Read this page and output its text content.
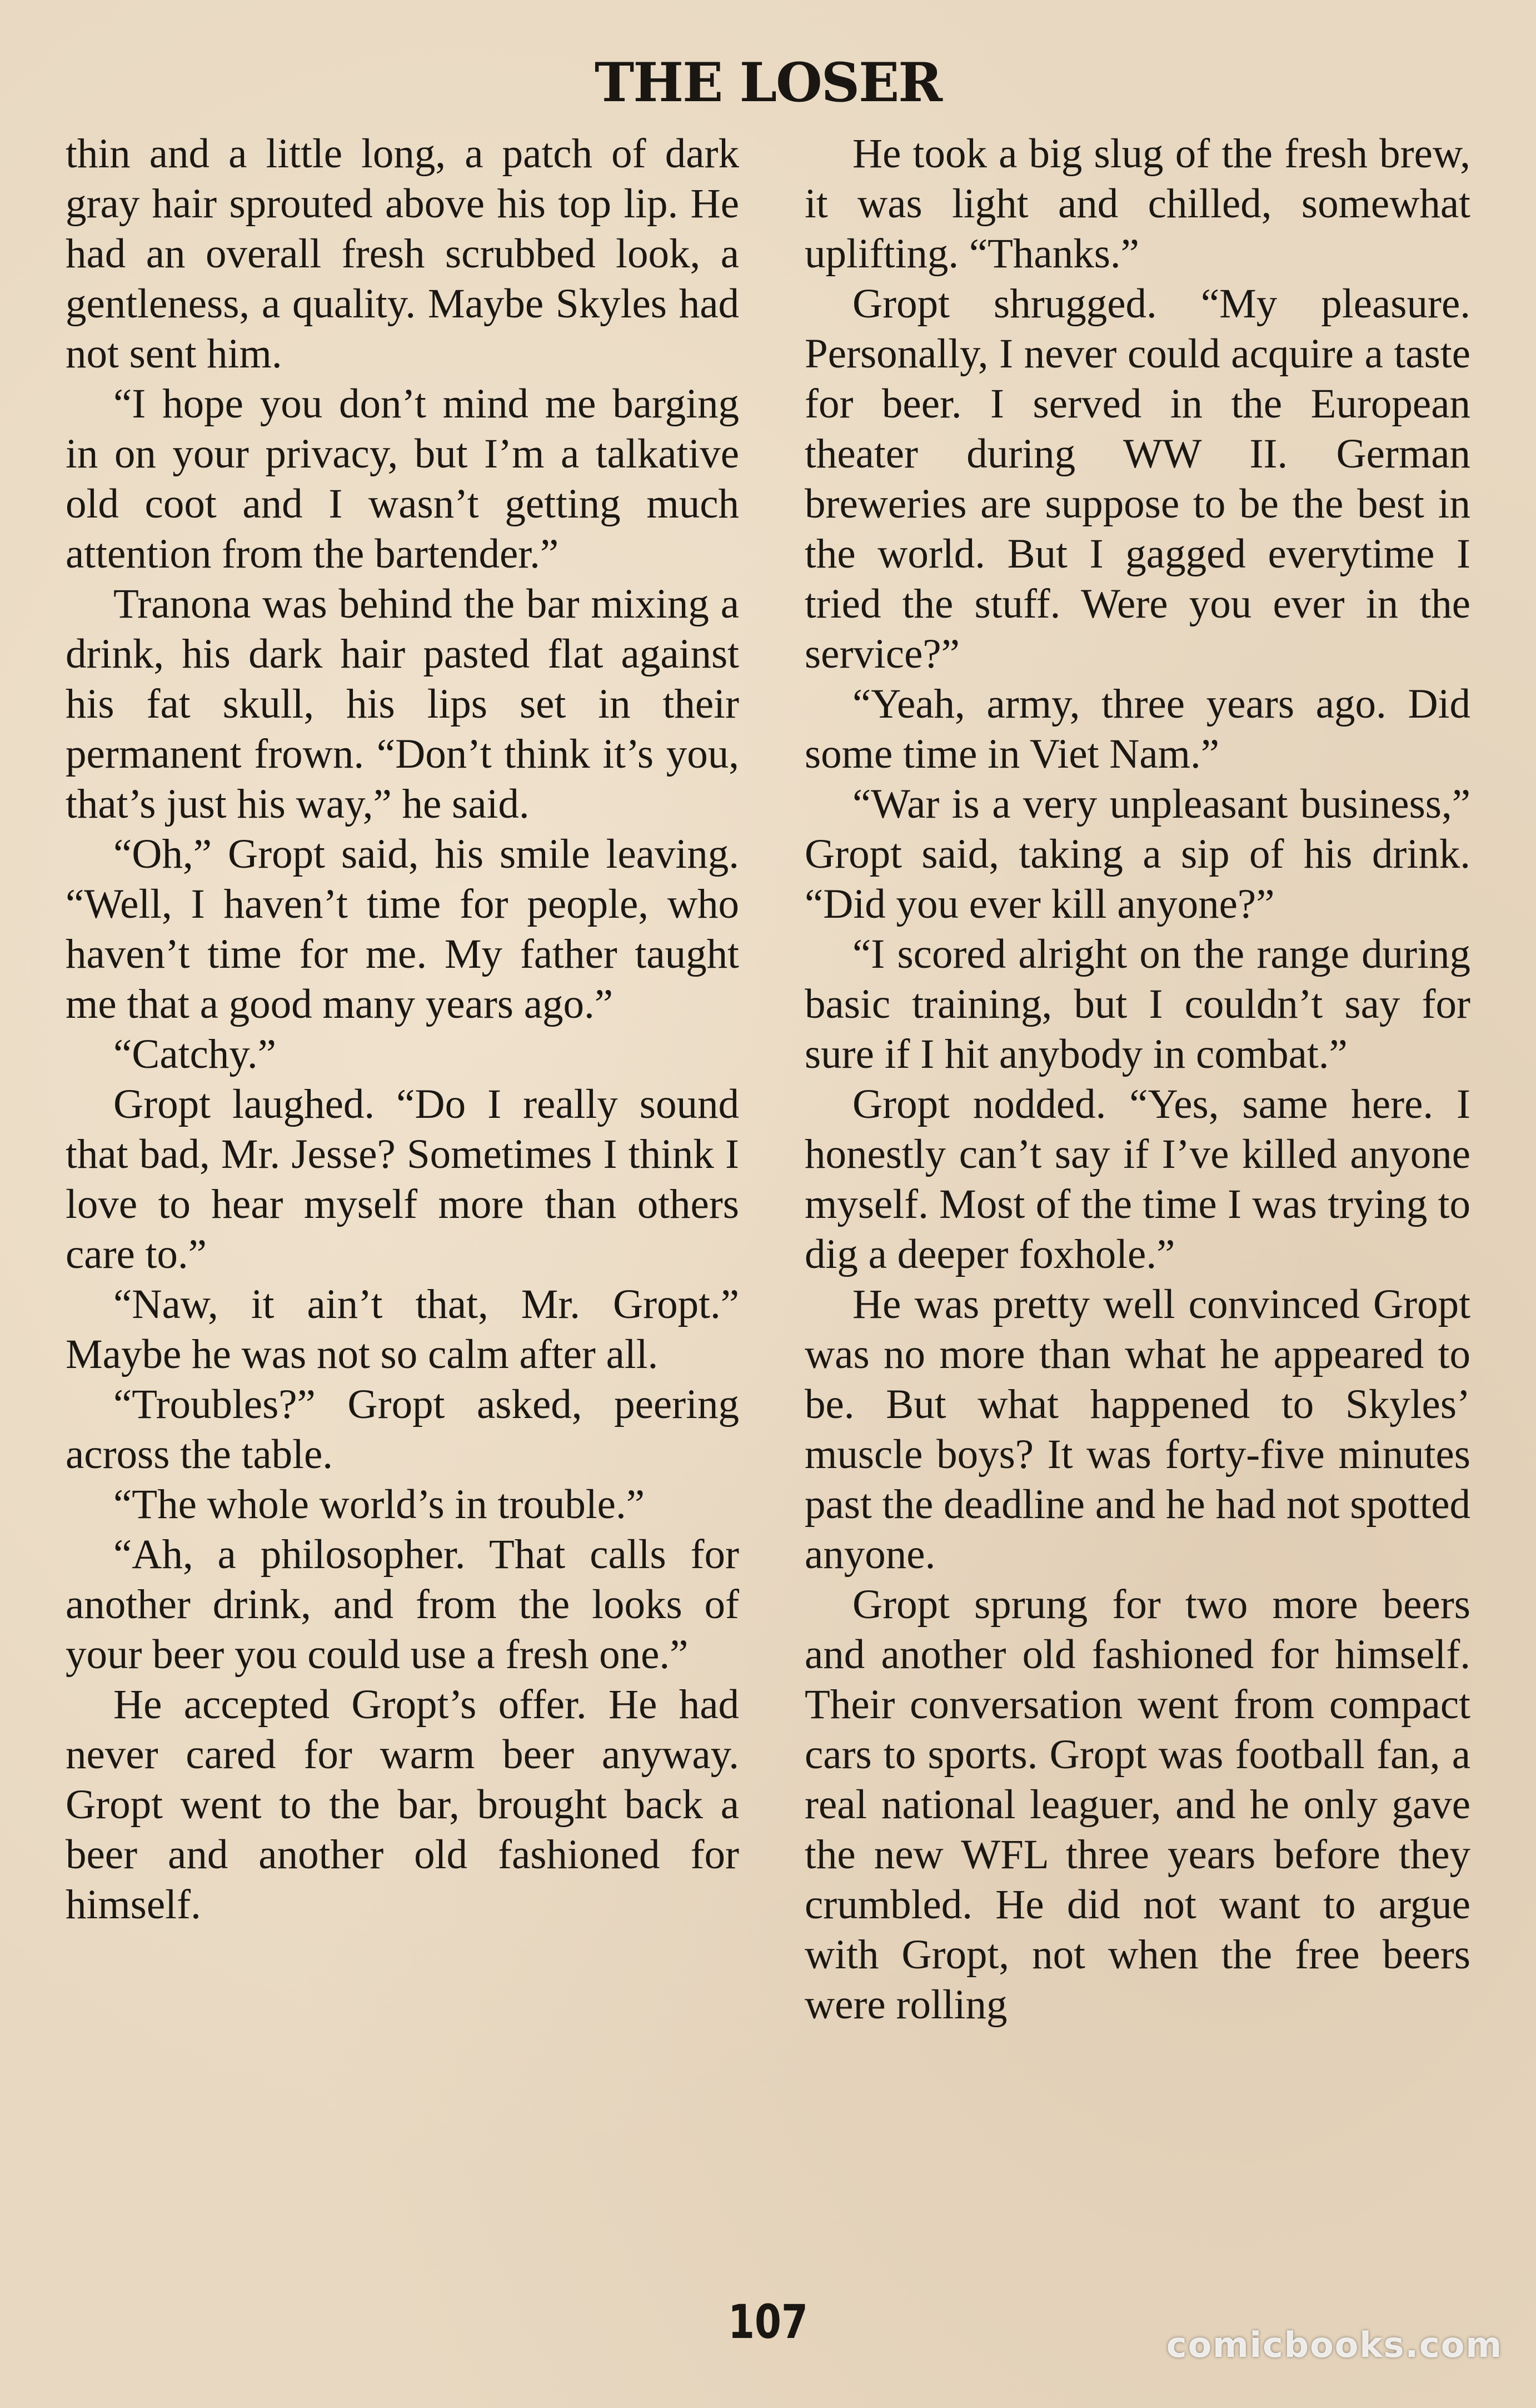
THE LOSER

thin and a little long, a patch of dark gray hair sprouted above his top lip. He had an overall fresh scrubbed look, a gentleness, a quality. Maybe Skyles had not sent him.

“I hope you don’t mind me barging in on your privacy, but I’m a talkative old coot and I wasn’t getting much attention from the bartender.”

Tranona was behind the bar mixing a drink, his dark hair pasted flat against his fat skull, his lips set in their permanent frown. “Don’t think it’s you, that’s just his way,” he said.

“Oh,” Gropt said, his smile leaving. “Well, I haven’t time for people, who haven’t time for me. My father taught me that a good many years ago.”

“Catchy.”

Gropt laughed. “Do I really sound that bad, Mr. Jesse? Sometimes I think I love to hear myself more than others care to.”

“Naw, it ain’t that, Mr. Gropt.” Maybe he was not so calm after all.

“Troubles?” Gropt asked, peering across the table.

“The whole world’s in trouble.”

“Ah, a philosopher. That calls for another drink, and from the looks of your beer you could use a fresh one.”

He accepted Gropt’s offer. He had never cared for warm beer anyway. Gropt went to the bar, brought back a beer and another old fashioned for himself.

He took a big slug of the fresh brew, it was light and chilled, somewhat uplifting. “Thanks.”

Gropt shrugged. “My pleasure. Personally, I never could acquire a taste for beer. I served in the European theater during WW II. German breweries are suppose to be the best in the world. But I gagged everytime I tried the stuff. Were you ever in the service?”

“Yeah, army, three years ago. Did some time in Viet Nam.”

“War is a very unpleasant business,” Gropt said, taking a sip of his drink. “Did you ever kill anyone?”

“I scored alright on the range during basic training, but I couldn’t say for sure if I hit anybody in combat.”

Gropt nodded. “Yes, same here. I honestly can’t say if I’ve killed anyone myself. Most of the time I was trying to dig a deeper foxhole.”

He was pretty well convinced Gropt was no more than what he appeared to be. But what happened to Skyles’ muscle boys? It was forty-five minutes past the deadline and he had not spotted anyone.

Gropt sprung for two more beers and another old fashioned for himself. Their conversation went from compact cars to sports. Gropt was football fan, a real national leaguer, and he only gave the new WFL three years before they crumbled. He did not want to argue with Gropt, not when the free beers were rolling

107	comicbooks.com
